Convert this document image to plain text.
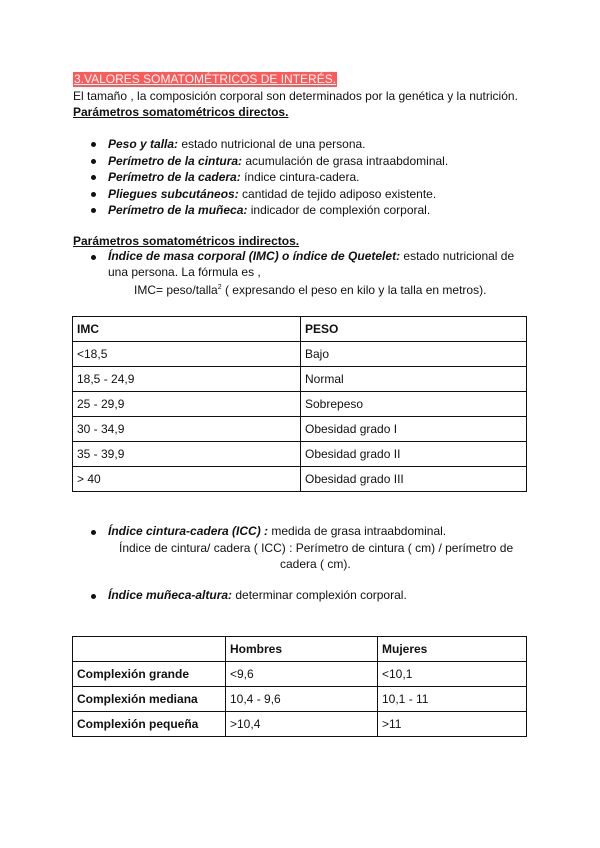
3.VALORES SOMATOMÉTRICOS DE INTERÉS.
El tamaño , la composición corporal son determinados por la genética y la nutrición.
Parámetros somatométricos directos.
Peso y talla: estado nutricional de una persona.
Perímetro de la cintura: acumulación de grasa intraabdominal.
Perímetro de la cadera: índice cintura-cadera.
Pliegues subcutáneos: cantidad de tejido adiposo existente.
Perímetro de la muñeca: indicador de complexión corporal.
Parámetros somatométricos indirectos.
Índice de masa corporal (IMC) o índice de Quetelet: estado nutricional de
una persona. La fórmula es ,
IMC= peso/talla$^2$ ( expresando el peso en kilo y la talla en metros).
IMC	PESO
<18,5	Bajo
18,5 - 24,9	Normal
25 - 29,9	Sobrepeso
30 - 34,9	Obesidad grado I
35 - 39,9	Obesidad grado II
> 40	Obesidad grado III
Índice cintura-cadera (ICC) : medida de grasa intraabdominal.
Índice de cintura/ cadera ( ICC) : Perímetro de cintura ( cm) / perímetro de
cadera ( cm).
Índice muñeca-altura: determinar complexión corporal.
	Hombres	Mujeres
Complexión grande	<9,6	<10,1
Complexión mediana	10,4 - 9,6	10,1 - 11
Complexión pequeña	>10,4	>11
